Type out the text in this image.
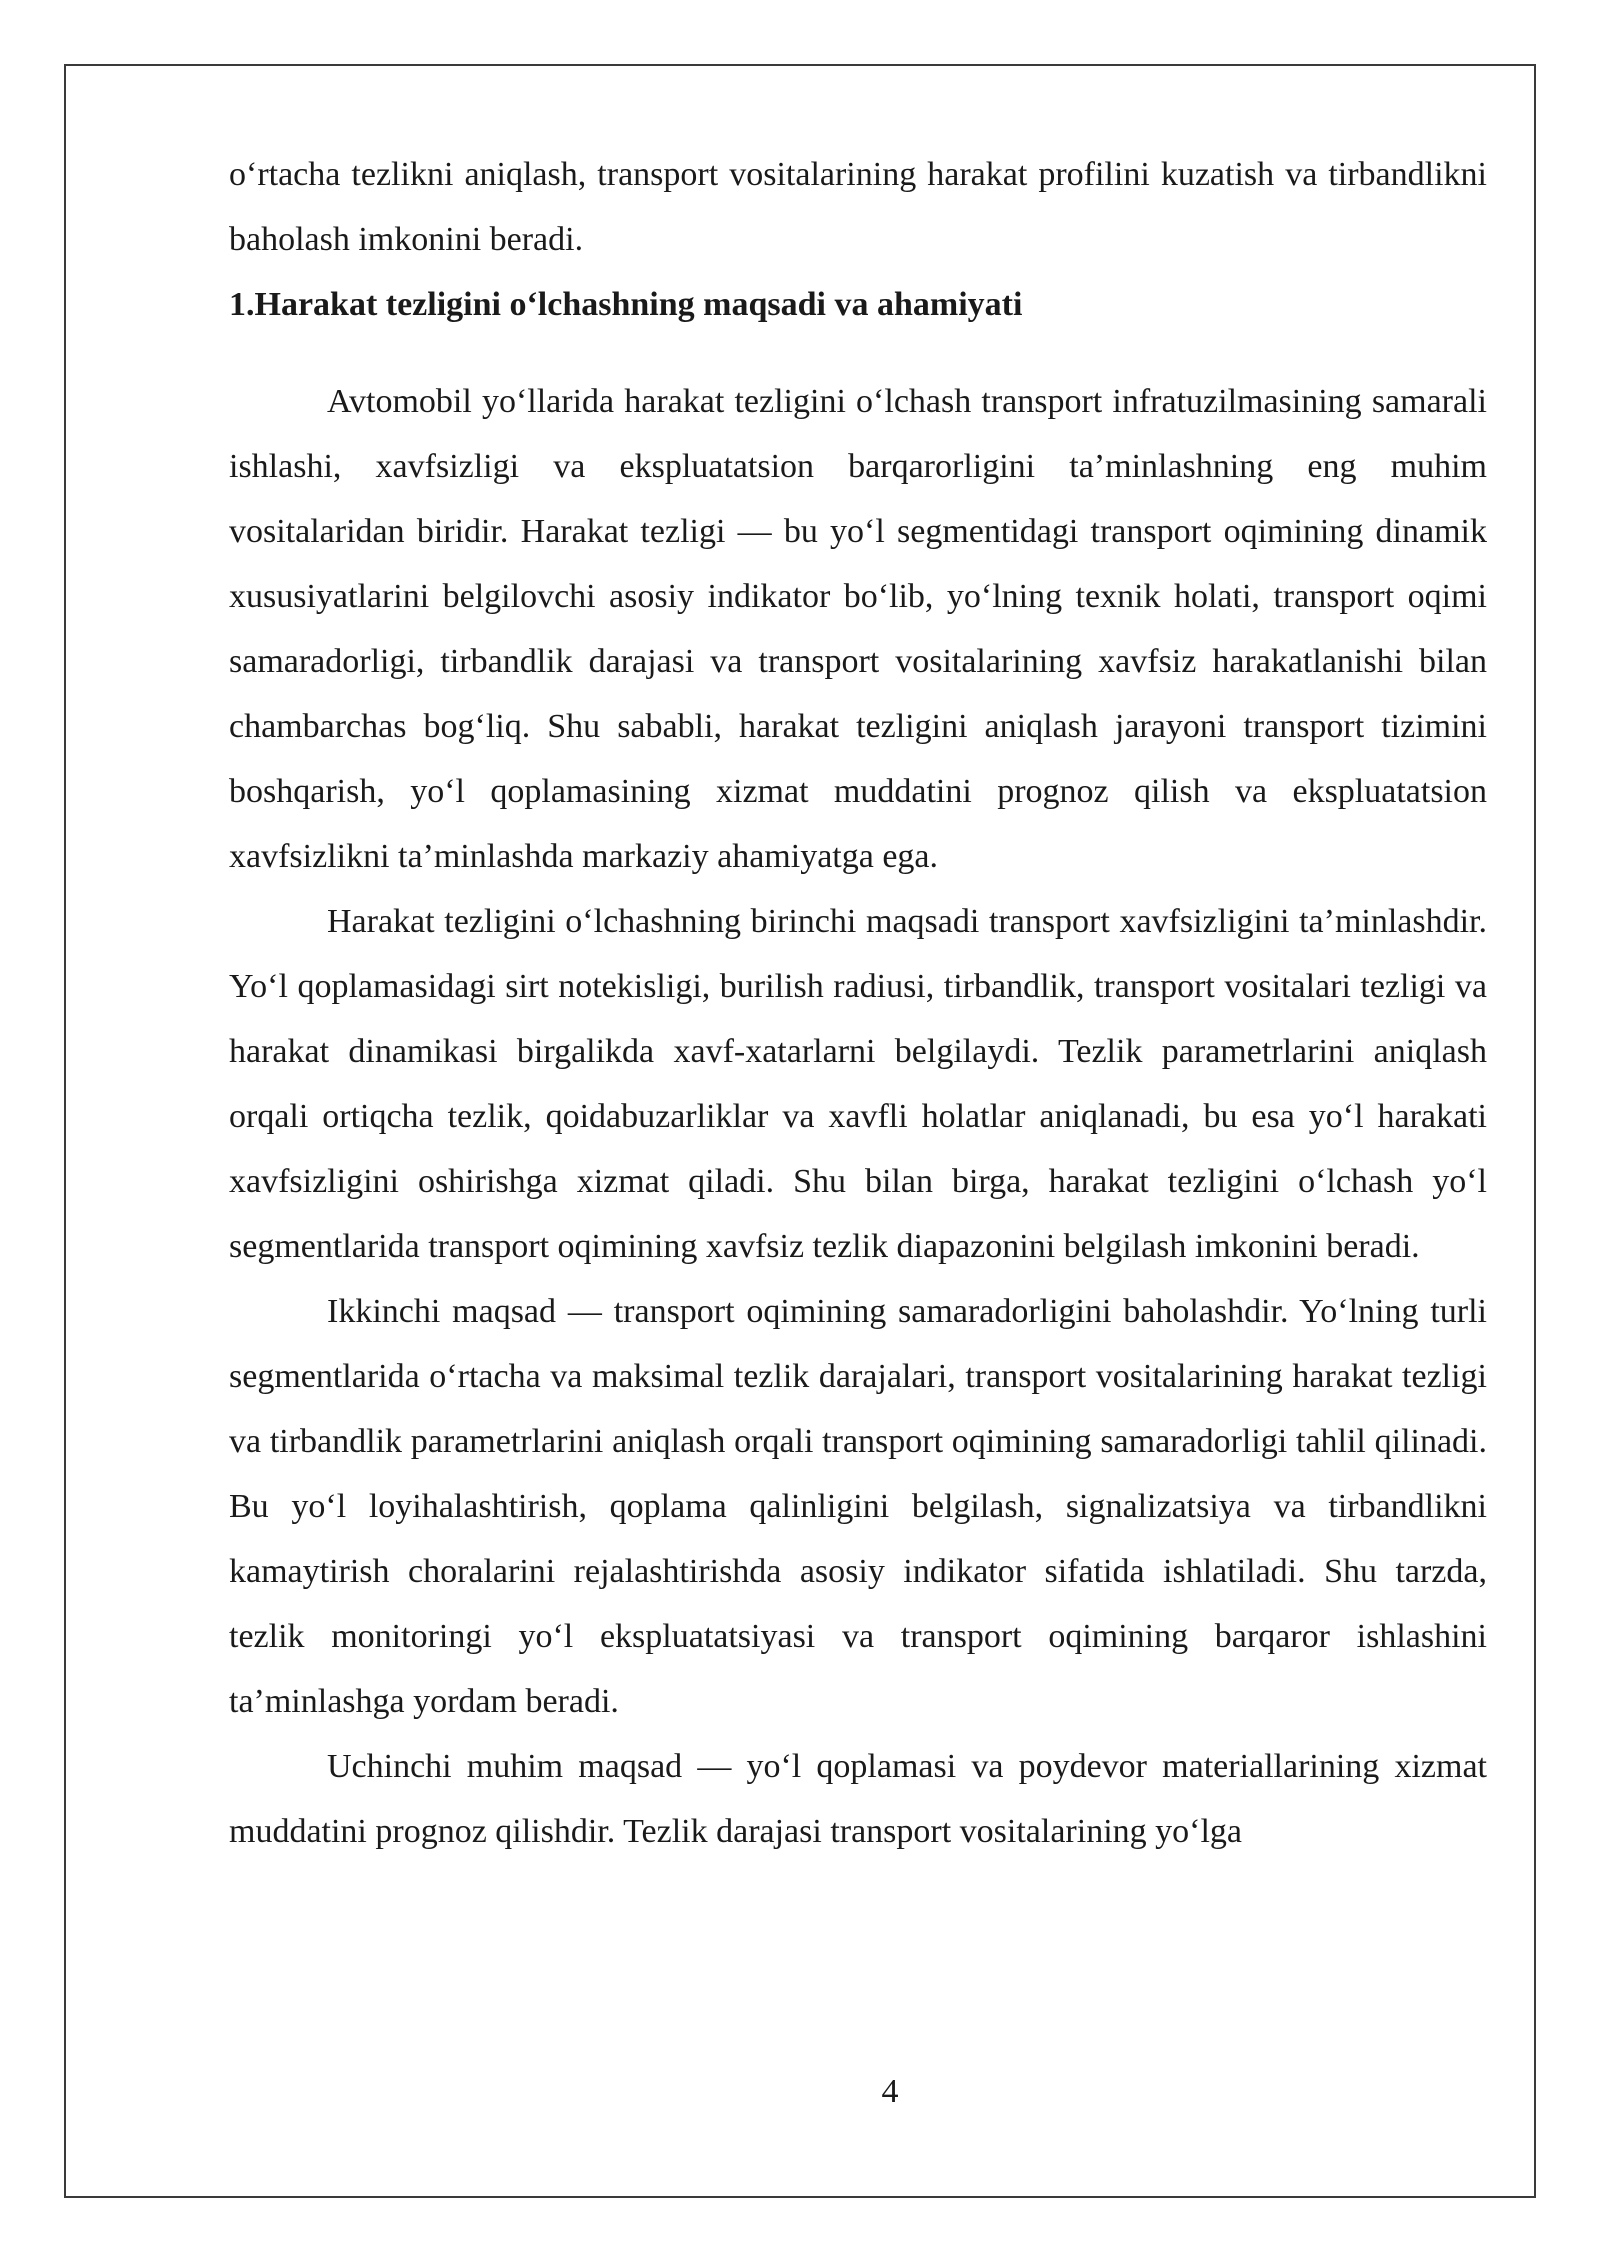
o‘rtacha tezlikni aniqlash, transport vositalarining harakat profilini kuzatish va tirbandlikni baholash imkonini beradi.

1.Harakat tezligini o‘lchashning maqsadi va ahamiyati

Avtomobil yo‘llarida harakat tezligini o‘lchash transport infratuzilmasining samarali ishlashi, xavfsizligi va ekspluatatsion barqarorligini ta’minlashning eng muhim vositalaridan biridir. Harakat tezligi — bu yo‘l segmentidagi transport oqimining dinamik xususiyatlarini belgilovchi asosiy indikator bo‘lib, yo‘lning texnik holati, transport oqimi samaradorligi, tirbandlik darajasi va transport vositalarining xavfsiz harakatlanishi bilan chambarchas bog‘liq. Shu sababli, harakat tezligini aniqlash jarayoni transport tizimini boshqarish, yo‘l qoplamasining xizmat muddatini prognoz qilish va ekspluatatsion xavfsizlikni ta’minlashda markaziy ahamiyatga ega.

Harakat tezligini o‘lchashning birinchi maqsadi transport xavfsizligini ta’minlashdir. Yo‘l qoplamasidagi sirt notekisligi, burilish radiusi, tirbandlik, transport vositalari tezligi va harakat dinamikasi birgalikda xavf-xatarlarni belgilaydi. Tezlik parametrlarini aniqlash orqali ortiqcha tezlik, qoidabuzarliklar va xavfli holatlar aniqlanadi, bu esa yo‘l harakati xavfsizligini oshirishga xizmat qiladi. Shu bilan birga, harakat tezligini o‘lchash yo‘l segmentlarida transport oqimining xavfsiz tezlik diapazonini belgilash imkonini beradi.

Ikkinchi maqsad — transport oqimining samaradorligini baholashdir. Yo‘lning turli segmentlarida o‘rtacha va maksimal tezlik darajalari, transport vositalarining harakat tezligi va tirbandlik parametrlarini aniqlash orqali transport oqimining samaradorligi tahlil qilinadi. Bu yo‘l loyihalashtirish, qoplama qalinligini belgilash, signalizatsiya va tirbandlikni kamaytirish choralarini rejalashtirishda asosiy indikator sifatida ishlatiladi. Shu tarzda, tezlik monitoringi yo‘l ekspluatatsiyasi va transport oqimining barqaror ishlashini ta’minlashga yordam beradi.

Uchinchi muhim maqsad — yo‘l qoplamasi va poydevor materiallarining xizmat muddatini prognoz qilishdir. Tezlik darajasi transport vositalarining yo‘lga

4
